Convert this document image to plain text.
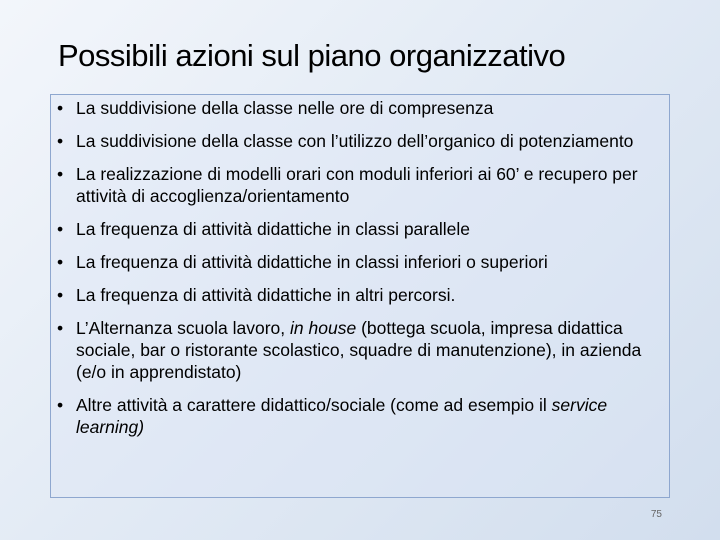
Possibili azioni sul piano organizzativo
• La suddivisione della classe nelle ore di compresenza
• La suddivisione della classe con l’utilizzo dell’organico di potenziamento
• La realizzazione di modelli orari con moduli inferiori ai 60’ e recupero per attività di accoglienza/orientamento
• La frequenza di attività didattiche in classi parallele
• La frequenza di attività didattiche in classi inferiori o superiori
• La frequenza di attività didattiche in altri percorsi.
• L’Alternanza scuola lavoro, in house (bottega scuola, impresa didattica sociale, bar o ristorante scolastico, squadre di manutenzione), in azienda (e/o in apprendistato)
• Altre attività a carattere didattico/sociale (come ad esempio il service learning)
75
